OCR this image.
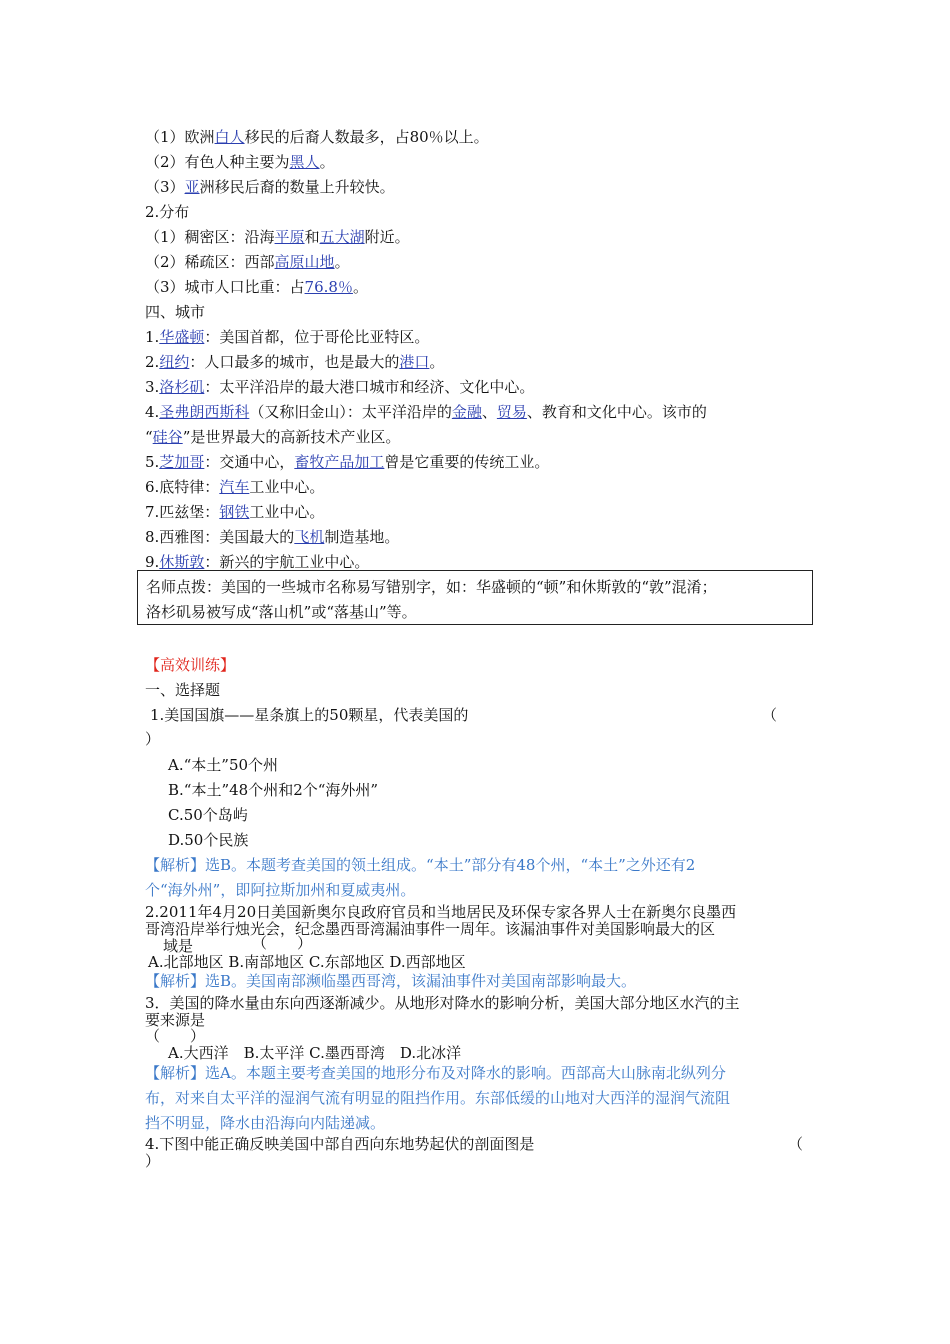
（1）欧洲白人移民的后裔人数最多，占80％以上。
（2）有色人种主要为黑人。
（3）亚洲移民后裔的数量上升较快。
2.分布
（1）稠密区：沿海平原和五大湖附近。
（2）稀疏区：西部高原山地。
（3）城市人口比重：占76.8％。
四、城市
1.华盛顿：美国首都，位于哥伦比亚特区。
2.纽约：人口最多的城市，也是最大的港口。
3.洛杉矶：太平洋沿岸的最大港口城市和经济、文化中心。
4.圣弗朗西斯科（又称旧金山）：太平洋沿岸的金融、贸易、教育和文化中心。该市的
“硅谷”是世界最大的高新技术产业区。
5.芝加哥：交通中心，畜牧产品加工曾是它重要的传统工业。
6.底特律：汽车工业中心。
7.匹兹堡：钢铁工业中心。
8.西雅图：美国最大的飞机制造基地。
9.休斯敦：新兴的宇航工业中心。
名师点拨：美国的一些城市名称易写错别字，如：华盛顿的“顿”和休斯敦的“敦”混淆；
洛杉矶易被写成“落山机”或“落基山”等。
【高效训练】
一、选择题
1.美国国旗——星条旗上的50颗星，代表美国的	（
）
A.“本土”50个州
B.“本土”48个州和2个“海外州”
C.50个岛屿
D.50个民族
【解析】选B。本题考查美国的领土组成。“本土”部分有48个州，“本土”之外还有2
个“海外州”，即阿拉斯加州和夏威夷州。
2.2011年4月20日美国新奥尔良政府官员和当地居民及环保专家各界人士在新奥尔良墨西
哥湾沿岸举行烛光会，纪念墨西哥湾漏油事件一周年。该漏油事件对美国影响最大的区
域是	（　　）
A.北部地区 B.南部地区 C.东部地区 D.西部地区
【解析】选B。美国南部濒临墨西哥湾，该漏油事件对美国南部影响最大。
3．美国的降水量由东向西逐渐减少。从地形对降水的影响分析，美国大部分地区水汽的主
要来源是
（　　）
A.大西洋　B.太平洋 C.墨西哥湾　D.北冰洋
【解析】选A。本题主要考查美国的地形分布及对降水的影响。西部高大山脉南北纵列分
布，对来自太平洋的湿润气流有明显的阻挡作用。东部低缓的山地对大西洋的湿润气流阻
挡不明显，降水由沿海向内陆递减。
4.下图中能正确反映美国中部自西向东地势起伏的剖面图是	（
）
